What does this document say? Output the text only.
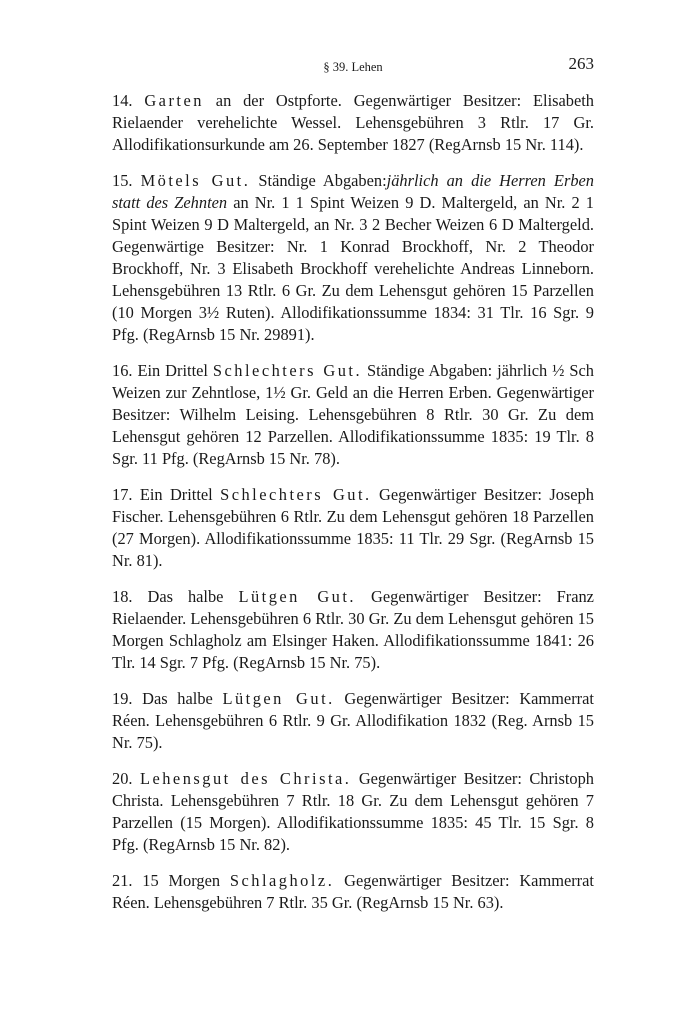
§ 39. Lehen	263

14. Garten an der Ostpforte. Gegenwärtiger Besitzer: Elisabeth Rielaender verehelichte Wessel. Lehensgebühren 3 Rtlr. 17 Gr. Allodifikationsurkunde am 26. September 1827 (RegArnsb 15 Nr. 114).

15. Mötels Gut. Ständige Abgaben:jährlich an die Herren Erben statt des Zehnten an Nr. 1 1 Spint Weizen 9 D. Maltergeld, an Nr. 2 1 Spint Weizen 9 D Maltergeld, an Nr. 3 2 Becher Weizen 6 D Maltergeld. Gegenwärtige Besitzer: Nr. 1 Konrad Brockhoff, Nr. 2 Theodor Brockhoff, Nr. 3 Elisabeth Brockhoff verehelichte Andreas Linneborn. Lehensgebühren 13 Rtlr. 6 Gr. Zu dem Lehensgut gehören 15 Parzellen (10 Morgen 3½ Ruten). Allodifikationssumme 1834: 31 Tlr. 16 Sgr. 9 Pfg. (RegArnsb 15 Nr. 29891).

16. Ein Drittel Schlechters Gut. Ständige Abgaben: jährlich ½ Sch Weizen zur Zehntlose, 1½ Gr. Geld an die Herren Erben. Gegenwärtiger Besitzer: Wilhelm Leising. Lehensgebühren 8 Rtlr. 30 Gr. Zu dem Lehensgut gehören 12 Parzellen. Allodifikationssumme 1835: 19 Tlr. 8 Sgr. 11 Pfg. (RegArnsb 15 Nr. 78).

17. Ein Drittel Schlechters Gut. Gegenwärtiger Besitzer: Joseph Fischer. Lehensgebühren 6 Rtlr. Zu dem Lehensgut gehören 18 Parzellen (27 Morgen). Allodifikationssumme 1835: 11 Tlr. 29 Sgr. (RegArnsb 15 Nr. 81).

18. Das halbe Lütgen Gut. Gegenwärtiger Besitzer: Franz Rielaender. Lehensgebühren 6 Rtlr. 30 Gr. Zu dem Lehensgut gehören 15 Morgen Schlagholz am Elsinger Haken. Allodifikationssumme 1841: 26 Tlr. 14 Sgr. 7 Pfg. (RegArnsb 15 Nr. 75).

19. Das halbe Lütgen Gut. Gegenwärtiger Besitzer: Kammerrat Réen. Lehensgebühren 6 Rtlr. 9 Gr. Allodifikation 1832 (Reg. Arnsb 15 Nr. 75).

20. Lehensgut des Christa. Gegenwärtiger Besitzer: Christoph Christa. Lehensgebühren 7 Rtlr. 18 Gr. Zu dem Lehensgut gehören 7 Parzellen (15 Morgen). Allodifikationssumme 1835: 45 Tlr. 15 Sgr. 8 Pfg. (RegArnsb 15 Nr. 82).

21. 15 Morgen Schlagholz. Gegenwärtiger Besitzer: Kammerrat Réen. Lehensgebühren 7 Rtlr. 35 Gr. (RegArnsb 15 Nr. 63).
